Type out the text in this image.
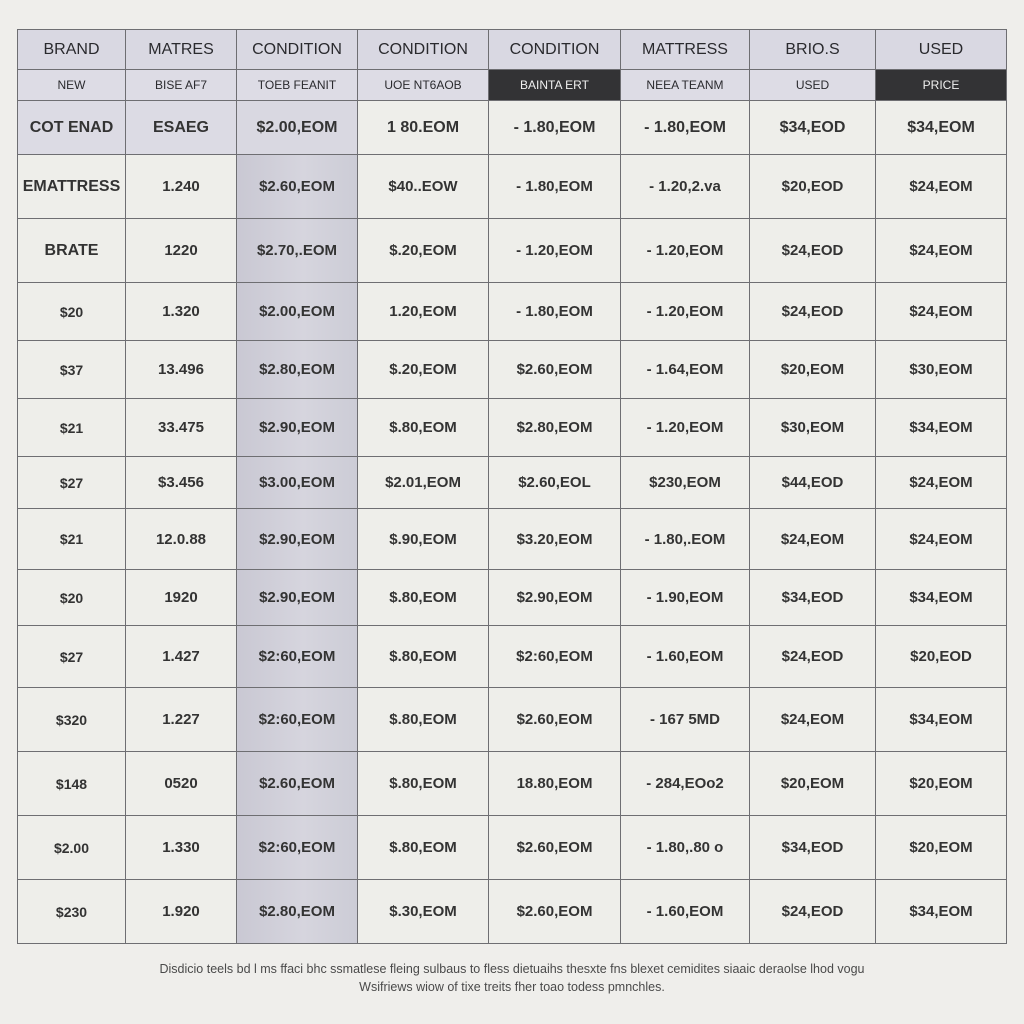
BRAND	MATRES	CONDITION	CONDITION	CONDITION	MATTRESS	BRIO.S	USED
NEW	BISE AF7	TOEB FEANIT	UOE NT6AOB	BAINTA ERT	NEEA TEANM	USED	PRICE
COT ENAD	ESAEG	$2.00,EOM	1 80.EOM	- 1.80,EOM	- 1.80,EOM	$34,EOD	$34,EOM
EMATTRESS	1.240	$2.60,EOM	$40..EOW	- 1.80,EOM	- 1.20,2.va	$20,EOD	$24,EOM
BRATE	1220	$2.70,.EOM	$.20,EOM	- 1.20,EOM	- 1.20,EOM	$24,EOD	$24,EOM
$20	1.320	$2.00,EOM	1.20,EOM	- 1.80,EOM	- 1.20,EOM	$24,EOD	$24,EOM
$37	13.496	$2.80,EOM	$.20,EOM	$2.60,EOM	- 1.64,EOM	$20,EOM	$30,EOM
$21	33.475	$2.90,EOM	$.80,EOM	$2.80,EOM	- 1.20,EOM	$30,EOM	$34,EOM
$27	$3.456	$3.00,EOM	$2.01,EOM	$2.60,EOL	$230,EOM	$44,EOD	$24,EOM
$21	12.0.88	$2.90,EOM	$.90,EOM	$3.20,EOM	- 1.80,.EOM	$24,EOM	$24,EOM
$20	1920	$2.90,EOM	$.80,EOM	$2.90,EOM	- 1.90,EOM	$34,EOD	$34,EOM
$27	1.427	$2:60,EOM	$.80,EOM	$2:60,EOM	- 1.60,EOM	$24,EOD	$20,EOD
$320	1.227	$2:60,EOM	$.80,EOM	$2.60,EOM	- 167 5MD	$24,EOM	$34,EOM
$148	0520	$2.60,EOM	$.80,EOM	18.80,EOM	- 284,EOo2	$20,EOM	$20,EOM
$2.00	1.330	$2:60,EOM	$.80,EOM	$2.60,EOM	- 1.80,.80 o	$34,EOD	$20,EOM
$230	1.920	$2.80,EOM	$.30,EOM	$2.60,EOM	- 1.60,EOM	$24,EOD	$34,EOM
Disdicio teels bd l ms ffaci bhc ssmatlese fleing sulbaus to fless dietuaihs thesxte fns blexet cemidites siaaic deraolse lhod vogu
Wsifriews wiow of tixe treits fher toao todess pmnchles.
